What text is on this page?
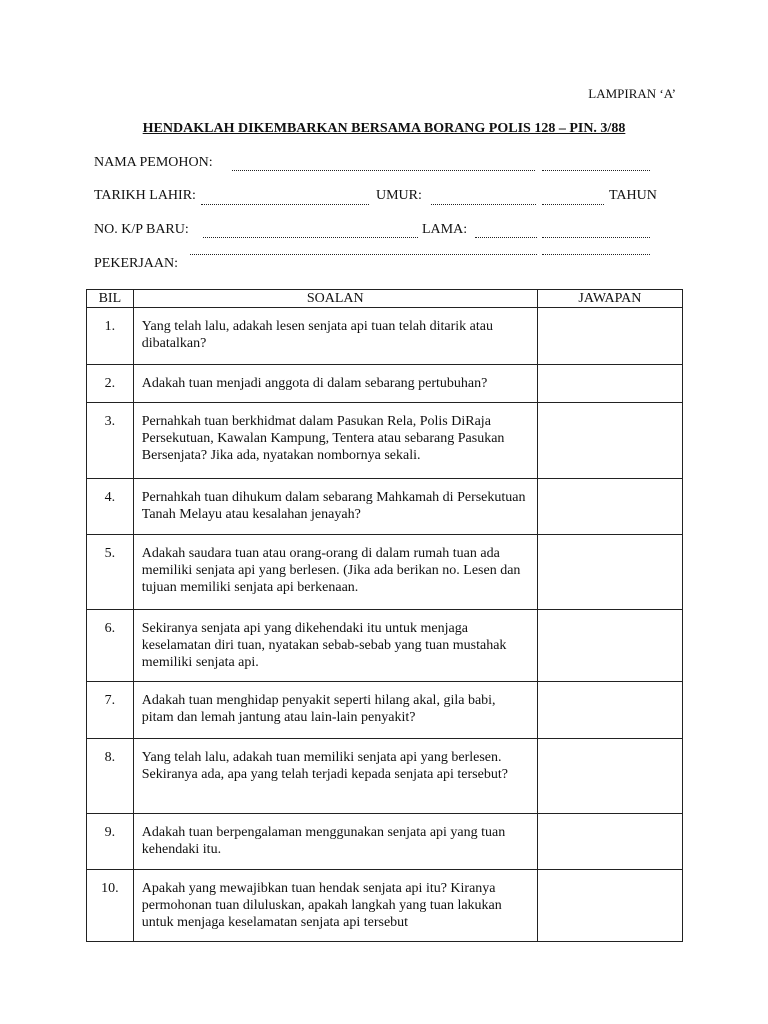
LAMPIRAN ‘A’
HENDAKLAH DIKEMBARKAN BERSAMA BORANG POLIS 128 – PIN. 3/88
NAMA PEMOHON:
TARIKH LAHIR:	UMUR:	TAHUN
NO. K/P BARU:	LAMA:
PEKERJAAN:
BIL	SOALAN	JAWAPAN
1.	Yang telah lalu, adakah lesen senjata api tuan telah ditarik atau dibatalkan?	
2.	Adakah tuan menjadi anggota di dalam sebarang pertubuhan?	
3.	Pernahkah tuan berkhidmat dalam Pasukan Rela, Polis DiRaja Persekutuan, Kawalan Kampung, Tentera atau sebarang Pasukan Bersenjata? Jika ada, nyatakan nombornya sekali.	
4.	Pernahkah tuan dihukum dalam sebarang Mahkamah di Persekutuan Tanah Melayu atau kesalahan jenayah?	
5.	Adakah saudara tuan atau orang-orang di dalam rumah tuan ada memiliki senjata api yang berlesen. (Jika ada berikan no. Lesen dan tujuan memiliki senjata api berkenaan.	
6.	Sekiranya senjata api yang dikehendaki itu untuk menjaga keselamatan diri tuan, nyatakan sebab-sebab yang tuan mustahak memiliki senjata api.	
7.	Adakah tuan menghidap penyakit seperti hilang akal, gila babi, pitam dan lemah jantung atau lain-lain penyakit?	
8.	Yang telah lalu, adakah tuan memiliki senjata api yang berlesen. Sekiranya ada, apa yang telah terjadi kepada senjata api tersebut?	
9.	Adakah tuan berpengalaman menggunakan senjata api yang tuan kehendaki itu.	
10.	Apakah yang mewajibkan tuan hendak senjata api itu? Kiranya permohonan tuan diluluskan, apakah langkah yang tuan lakukan untuk menjaga keselamatan senjata api tersebut	
